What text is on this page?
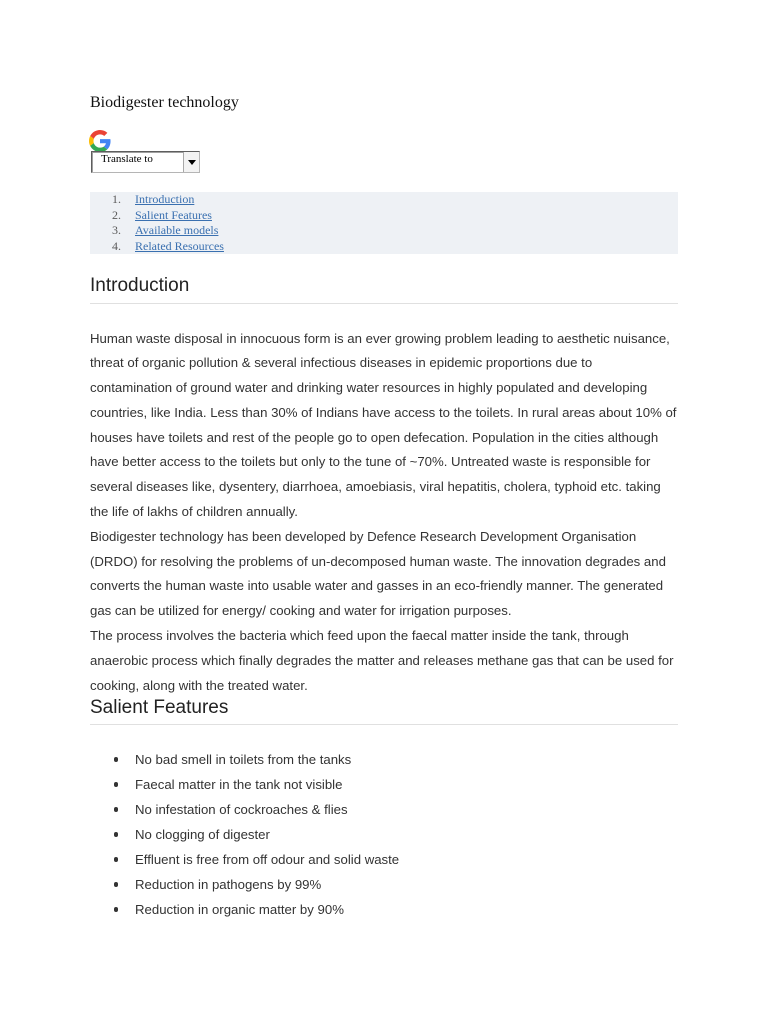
Biodigester technology
Translate to
1. Introduction
2. Salient Features
3. Available models
4. Related Resources
Introduction

Human waste disposal in innocuous form is an ever growing problem leading to aesthetic nuisance,
threat of organic pollution & several infectious diseases in epidemic proportions due to
contamination of ground water and drinking water resources in highly populated and developing
countries, like India. Less than 30% of Indians have access to the toilets. In rural areas about 10% of
houses have toilets and rest of the people go to open defecation. Population in the cities although
have better access to the toilets but only to the tune of ~70%. Untreated waste is responsible for
several diseases like, dysentery, diarrhoea, amoebiasis, viral hepatitis, cholera, typhoid etc. taking
the life of lakhs of children annually.

Biodigester technology has been developed by Defence Research Development Organisation
(DRDO) for resolving the problems of un-decomposed human waste. The innovation degrades and
converts the human waste into usable water and gasses in an eco-friendly manner. The generated
gas can be utilized for energy/ cooking and water for irrigation purposes.

The process involves the bacteria which feed upon the faecal matter inside the tank, through
anaerobic process which finally degrades the matter and releases methane gas that can be used for
cooking, along with the treated water.

Salient Features
No bad smell in toilets from the tanks
Faecal matter in the tank not visible
No infestation of cockroaches & flies
No clogging of digester
Effluent is free from off odour and solid waste
Reduction in pathogens by 99%
Reduction in organic matter by 90%
